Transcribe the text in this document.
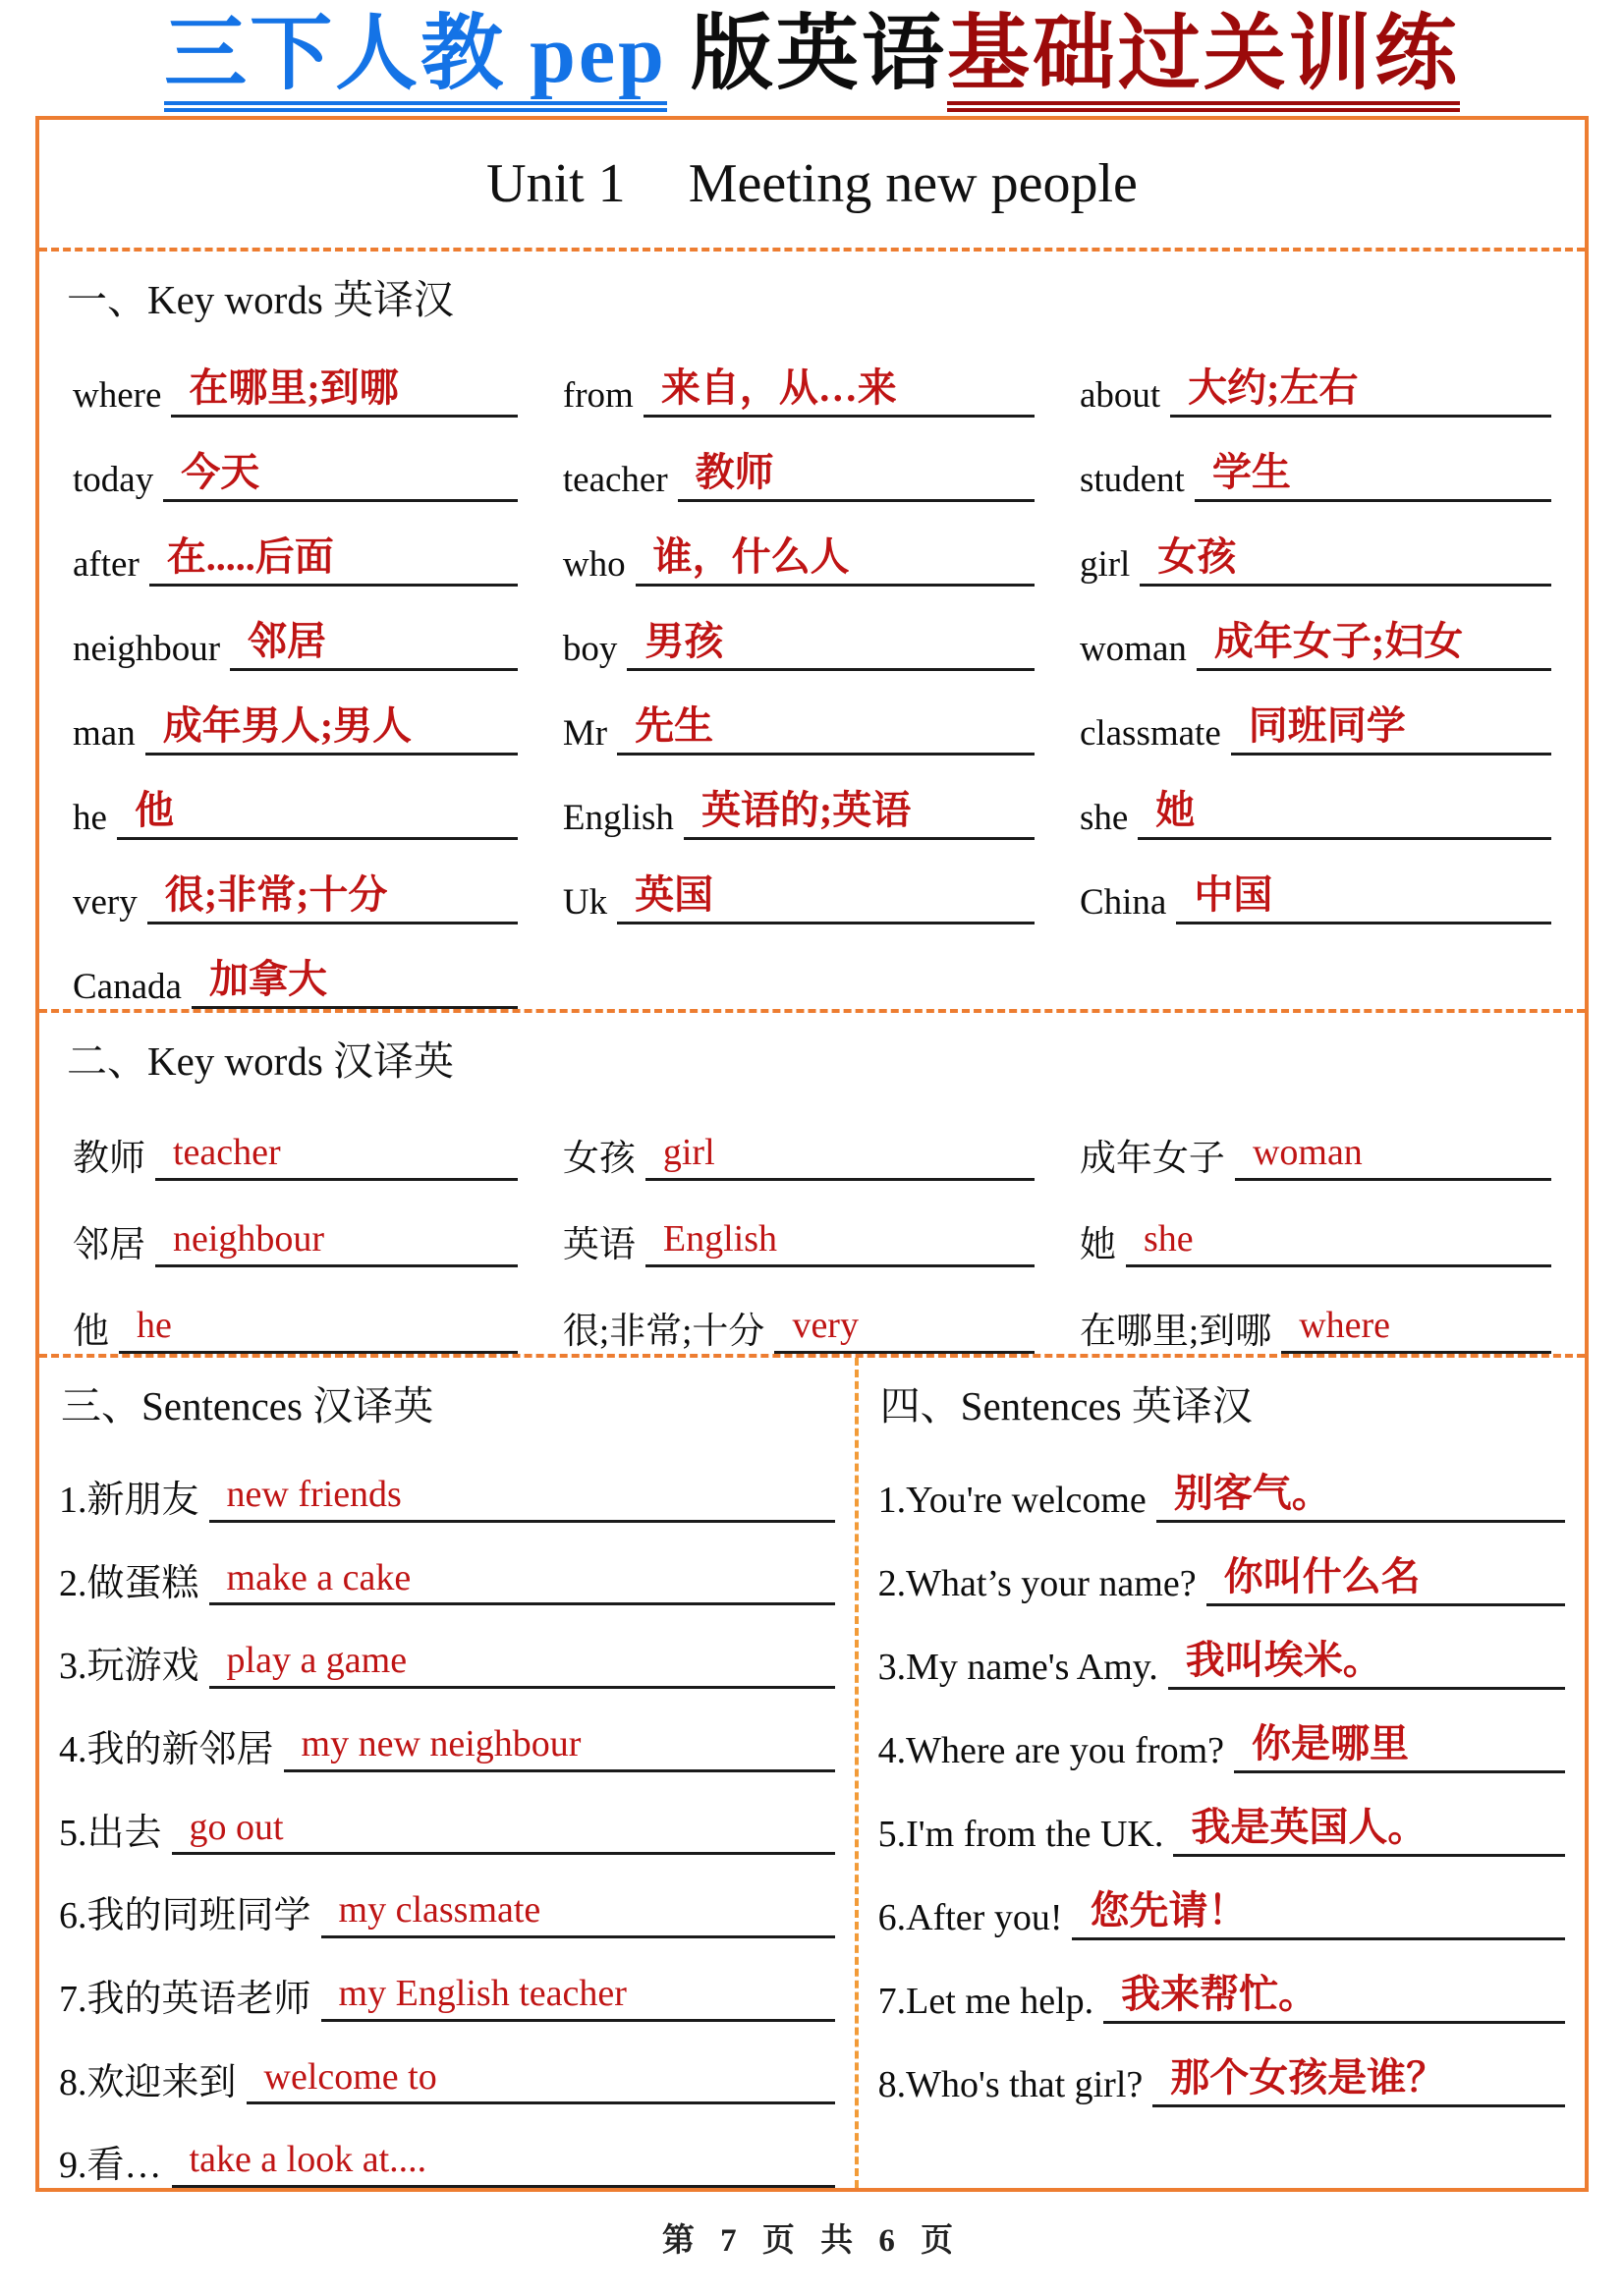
三下人教 pep 版英语基础过关训练
Unit 1 Meeting new people
一、Key words 英译汉
where 在哪里;到哪	from 来自，从…来	about 大约;左右
today 今天	teacher 教师	student 学生
after 在.....后面	who 谁，什么人	girl 女孩
neighbour 邻居	boy 男孩	woman 成年女子;妇女
man 成年男人;男人	Mr 先生	classmate 同班同学
he 他	English 英语的;英语	she 她
very 很;非常;十分	Uk 英国	China 中国
Canada 加拿大
二、Key words 汉译英
教师 teacher	女孩 girl	成年女子 woman
邻居 neighbour	英语 English	她 she
他 he	很;非常;十分 very	在哪里;到哪 where
三、Sentences 汉译英
1. 新朋友 new friends
2. 做蛋糕 make a cake
3. 玩游戏 play a game
4. 我的新邻居 my new neighbour
5. 出去 go out
6. 我的同班同学 my classmate
7. 我的英语老师 my English teacher
8. 欢迎来到 welcome to
9. 看… take a look at....
四、Sentences 英译汉
1. You're welcome 别客气。
2. What’s your name? 你叫什么名
3. My name's Amy. 我叫埃米。
4. Where are you from? 你是哪里
5. I'm from the UK. 我是英国人。
6. After you! 您先请！
7. Let me help. 我来帮忙。
8. Who's that girl? 那个女孩是谁？
第 7 页 共 6 页
